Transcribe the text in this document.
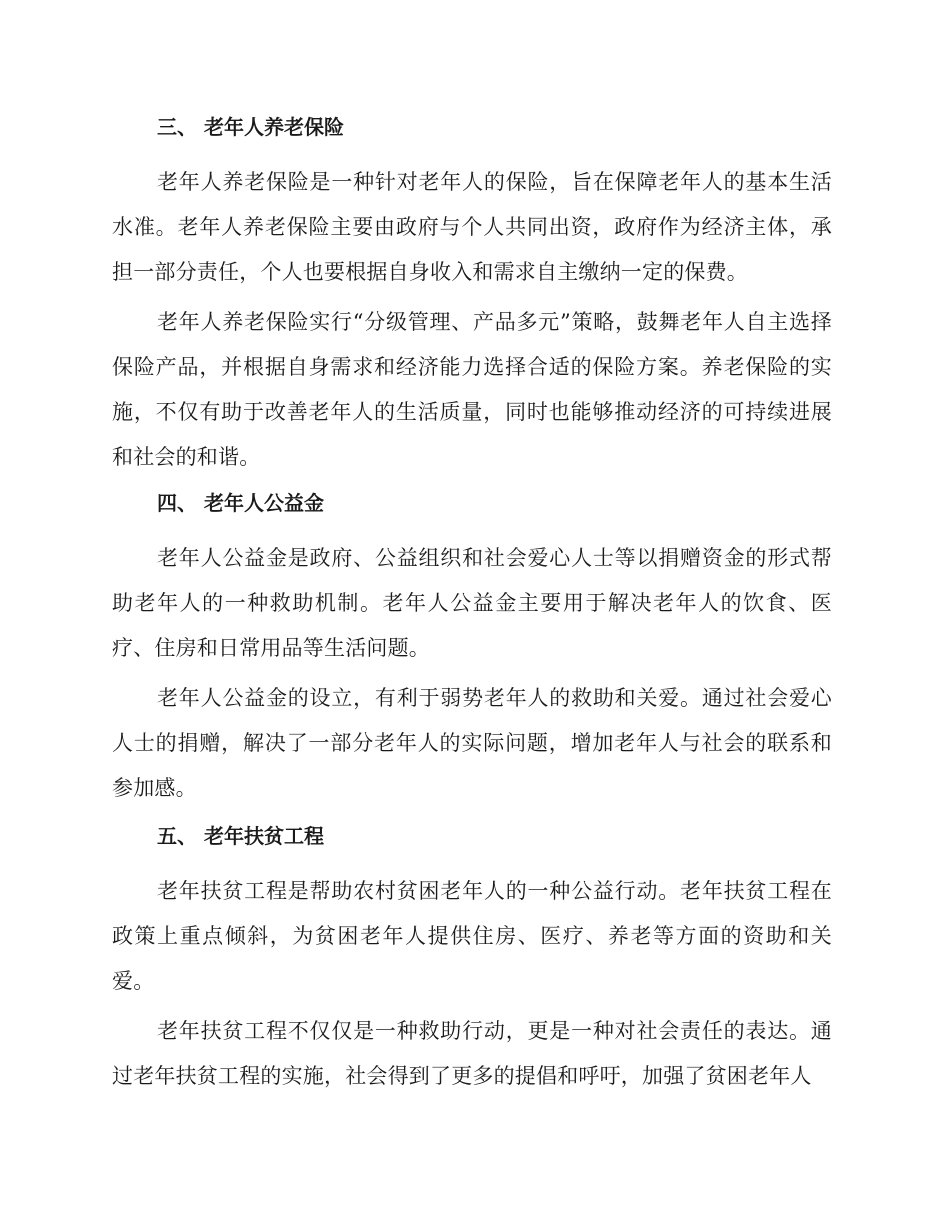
三、 老年人养老保险
老年人养老保险是一种针对老年人的保险，旨在保障老年人的基本生活水准。老年人养老保险主要由政府与个人共同出资，政府作为经济主体，承担一部分责任，个人也要根据自身收入和需求自主缴纳一定的保费。
老年人养老保险实行“分级管理、产品多元”策略，鼓舞老年人自主选择保险产品，并根据自身需求和经济能力选择合适的保险方案。养老保险的实施，不仅有助于改善老年人的生活质量，同时也能够推动经济的可持续进展和社会的和谐。
四、 老年人公益金
老年人公益金是政府、公益组织和社会爱心人士等以捐赠资金的形式帮助老年人的一种救助机制。老年人公益金主要用于解决老年人的饮食、医疗、住房和日常用品等生活问题。
老年人公益金的设立，有利于弱势老年人的救助和关爱。通过社会爱心人士的捐赠，解决了一部分老年人的实际问题，增加老年人与社会的联系和参加感。
五、 老年扶贫工程
老年扶贫工程是帮助农村贫困老年人的一种公益行动。老年扶贫工程在政策上重点倾斜，为贫困老年人提供住房、医疗、养老等方面的资助和关爱。
老年扶贫工程不仅仅是一种救助行动，更是一种对社会责任的表达。通过老年扶贫工程的实施，社会得到了更多的提倡和呼吁，加强了贫困老年人
